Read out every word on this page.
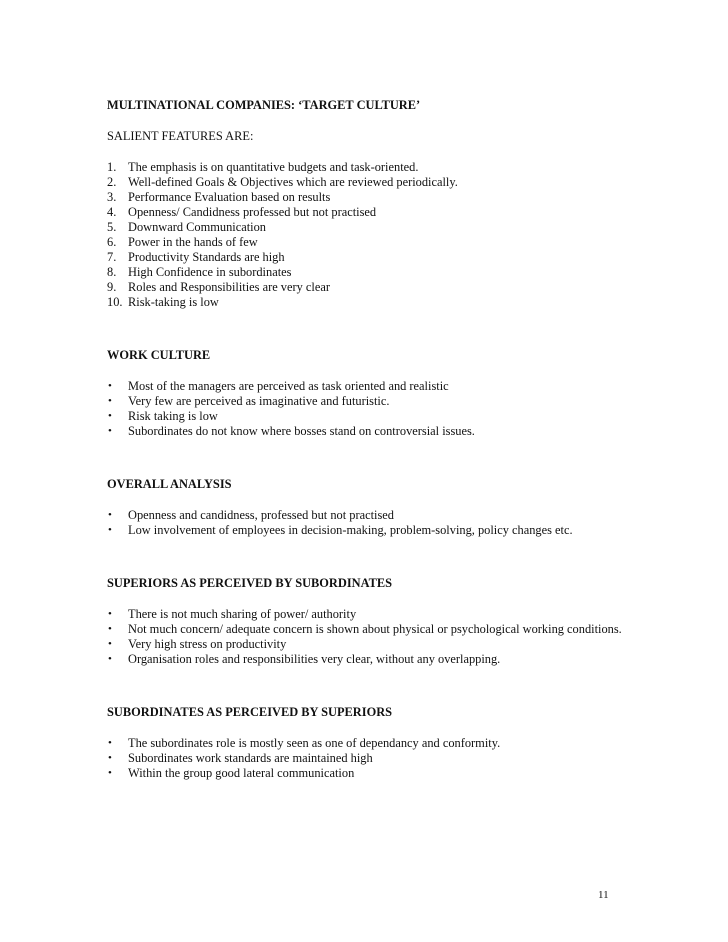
MULTINATIONAL COMPANIES: ‘TARGET CULTURE’

SALIENT FEATURES ARE:

1. The emphasis is on quantitative budgets and task-oriented.
2. Well-defined Goals & Objectives which are reviewed periodically.
3. Performance Evaluation based on results
4. Openness/ Candidness professed but not practised
5. Downward Communication
6. Power in the hands of few
7. Productivity Standards are high
8. High Confidence in subordinates
9. Roles and Responsibilities are very clear
10. Risk-taking is low

WORK CULTURE

• Most of the managers are perceived as task oriented and realistic
• Very few are perceived as imaginative and futuristic.
• Risk taking is low
• Subordinates do not know where bosses stand on controversial issues.

OVERALL ANALYSIS

• Openness and candidness, professed but not practised
• Low involvement of employees in decision-making, problem-solving, policy changes etc.

SUPERIORS AS PERCEIVED BY SUBORDINATES

• There is not much sharing of power/ authority
• Not much concern/ adequate concern is shown about physical or psychological working conditions.
• Very high stress on productivity
• Organisation roles and responsibilities very clear, without any overlapping.

SUBORDINATES AS PERCEIVED BY SUPERIORS

• The subordinates role is mostly seen as one of dependancy and conformity.
• Subordinates work standards are maintained high
• Within the group good lateral communication
11
